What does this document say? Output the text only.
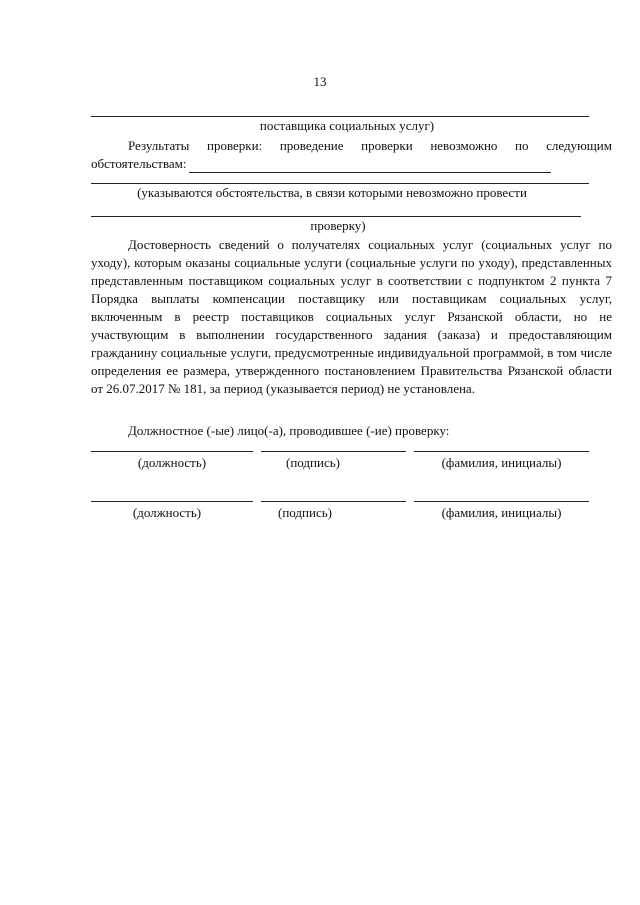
13
поставщика социальных услуг)
Результаты проверки: проведение проверки невозможно по следующим
обстоятельствам:
(указываются обстоятельства, в связи которыми невозможно провести
проверку)
Достоверность сведений о получателях социальных услуг (социальных услуг по уходу), которым оказаны социальные услуги (социальные услуги по уходу), представленных представленным поставщиком социальных услуг в соответствии с подпунктом 2 пункта 7 Порядка выплаты компенсации поставщику или поставщикам социальных услуг, включенным в реестр поставщиков социальных услуг Рязанской области, но не участвующим в выполнении государственного задания (заказа) и предоставляющим гражданину социальные услуги, предусмотренные индивидуальной программой, в том числе определения ее размера, утвержденного постановлением Правительства Рязанской области от 26.07.2017 № 181, за период (указывается период) не установлена.
Должностное (-ые) лицо(-а), проводившее (-ие) проверку:
(должность)	(подпись)	(фамилия, инициалы)
(должность)	(подпись)	(фамилия, инициалы)
